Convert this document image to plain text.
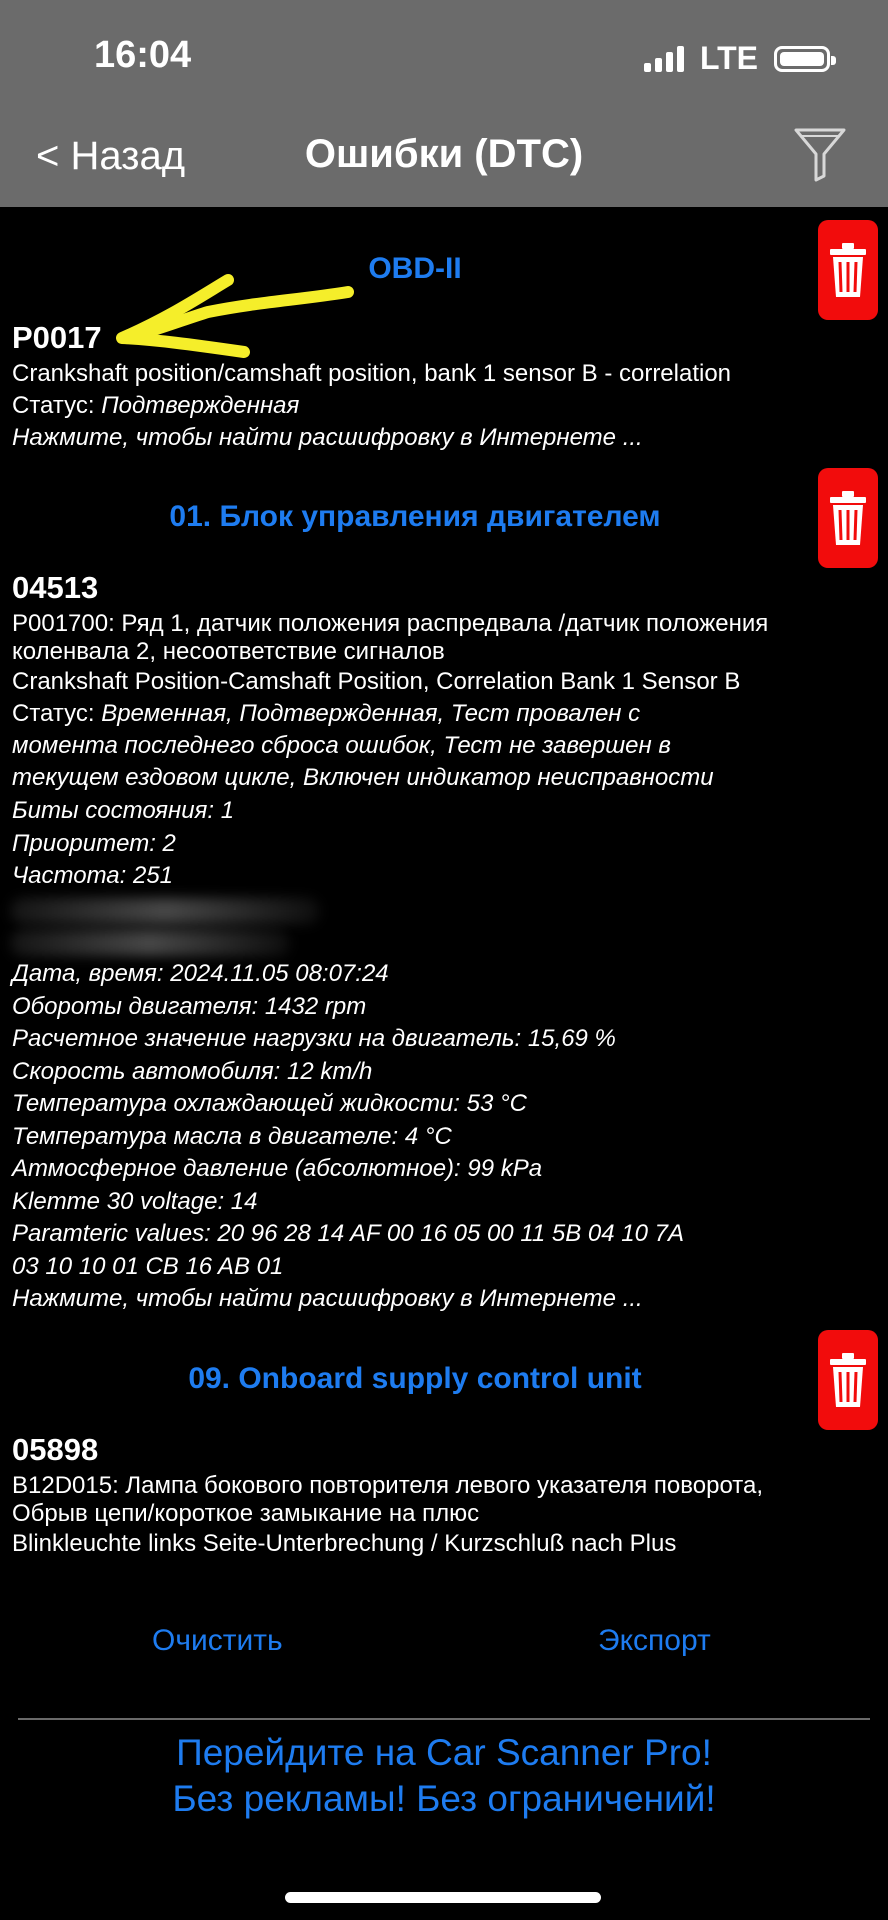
16:04	LTE
< Назад	Ошибки (DTC)
OBD-II
P0017
Crankshaft position/camshaft position, bank 1 sensor B - correlation
Статус: Подтвержденная
Нажмите, чтобы найти расшифровку в Интернете ...
01. Блок управления двигателем
04513
P001700: Ряд 1, датчик положения распредвала /датчик положения
коленвала 2, несоответствие сигналов
Crankshaft Position-Camshaft Position, Correlation Bank 1 Sensor B
Статус: Временная, Подтвержденная, Тест провален с
момента последнего сброса ошибок, Тест не завершен в
текущем ездовом цикле, Включен индикатор неисправности
Биты состояния: 1
Приоритет: 2
Частота: 251
Дата, время: 2024.11.05 08:07:24
Обороты двигателя: 1432 rpm
Расчетное значение нагрузки на двигатель: 15,69 %
Скорость автомобиля: 12 km/h
Температура охлаждающей жидкости: 53 °C
Температура масла в двигателе: 4 °C
Атмосферное давление (абсолютное): 99 kPa
Klemme 30 voltage: 14
Paramteric values: 20 96 28 14 AF 00 16 05 00 11 5B 04 10 7A
03 10 10 01 CB 16 AB 01
Нажмите, чтобы найти расшифровку в Интернете ...
09. Onboard supply control unit
05898
B12D015: Лампа бокового повторителя левого указателя поворота,
Обрыв цепи/короткое замыкание на плюс
Blinkleuchte links Seite-Unterbrechung / Kurzschluß nach Plus
Очистить	Экспорт
Перейдите на Car Scanner Pro!
Без рекламы! Без ограничений!
